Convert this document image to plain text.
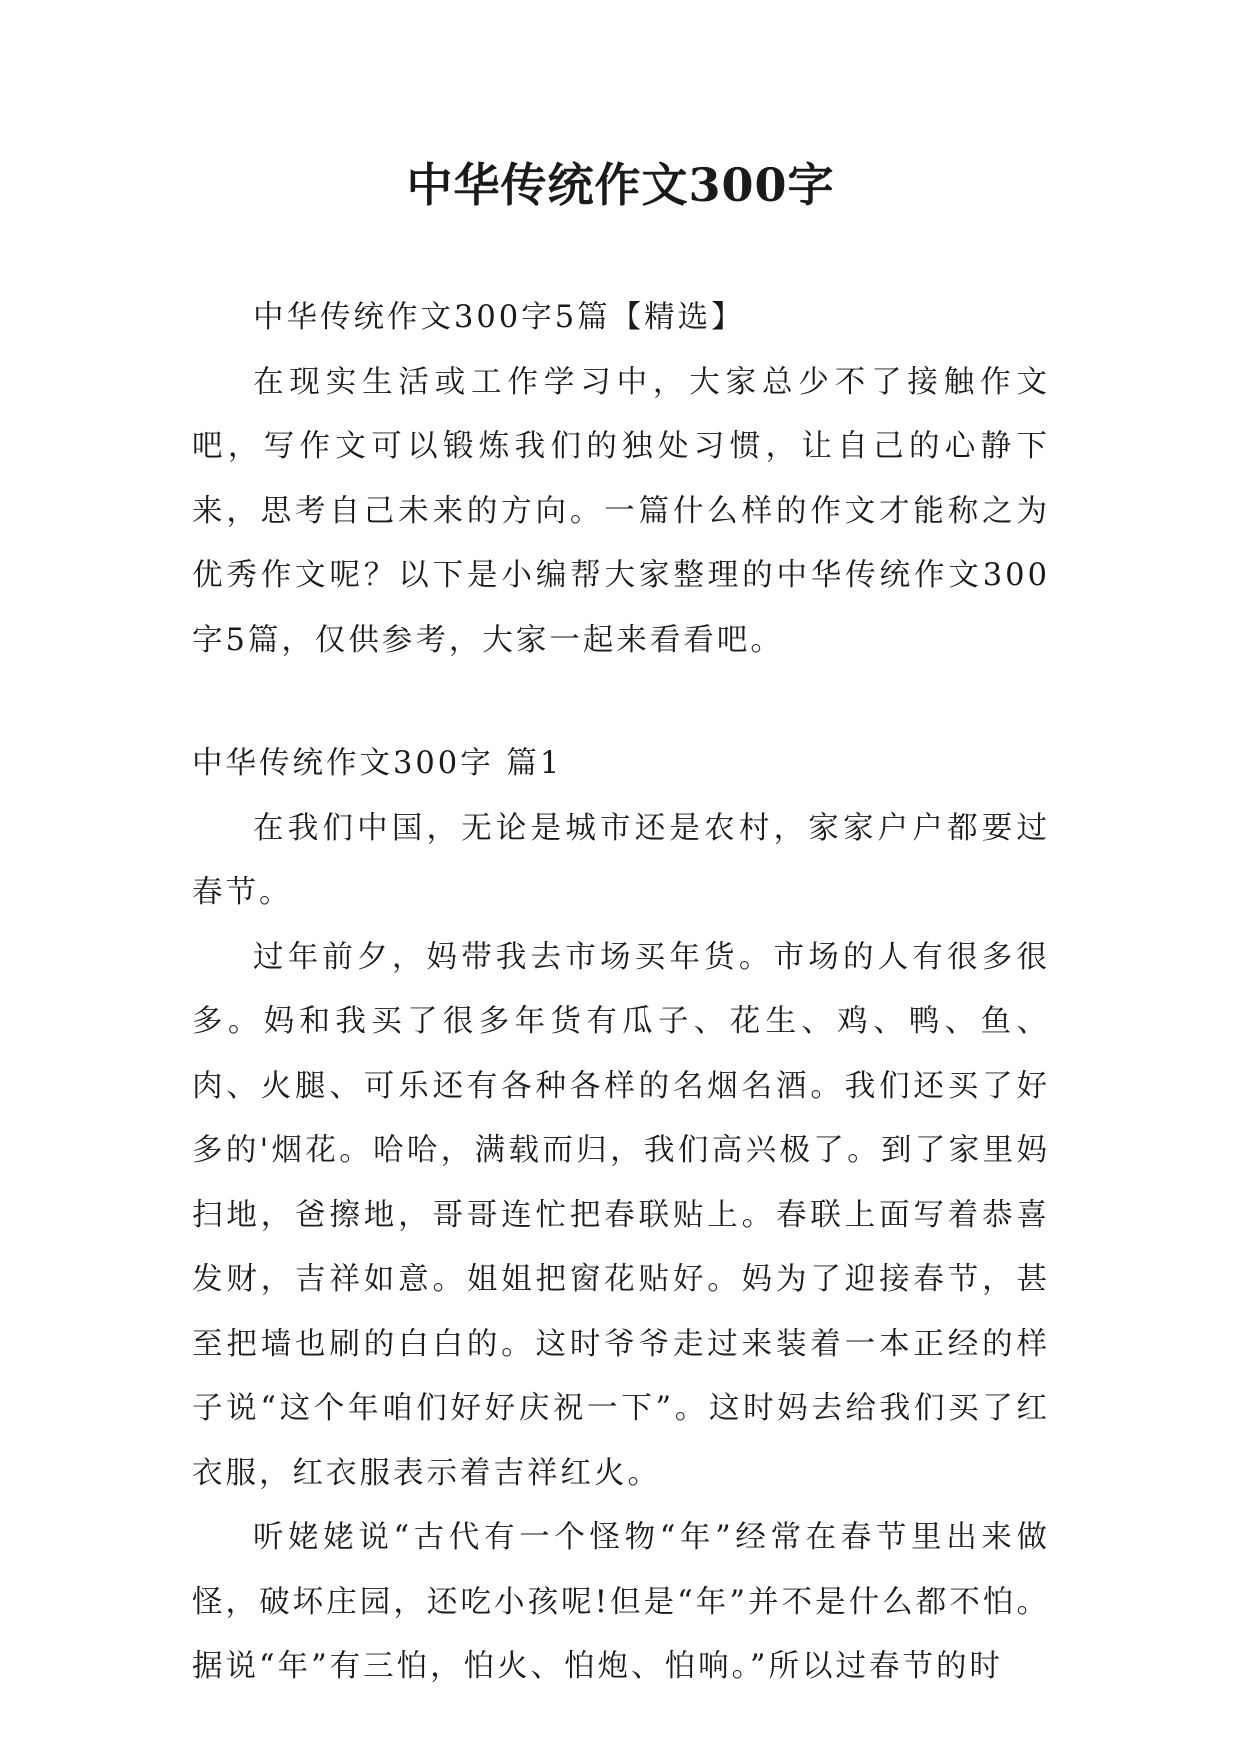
中华传统作文300字

中华传统作文300字5篇【精选】

在现实生活或工作学习中，大家总少不了接触作文吧，写作文可以锻炼我们的独处习惯，让自己的心静下来，思考自己未来的方向。一篇什么样的作文才能称之为优秀作文呢？以下是小编帮大家整理的中华传统作文300字5篇，仅供参考，大家一起来看看吧。

中华传统作文300字 篇1

在我们中国，无论是城市还是农村，家家户户都要过春节。

过年前夕，妈带我去市场买年货。市场的人有很多很多。妈和我买了很多年货有瓜子、花生、鸡、鸭、鱼、肉、火腿、可乐还有各种各样的名烟名酒。我们还买了好多的'烟花。哈哈，满载而归，我们高兴极了。到了家里妈扫地，爸擦地，哥哥连忙把春联贴上。春联上面写着恭喜发财，吉祥如意。姐姐把窗花贴好。妈为了迎接春节，甚至把墙也刷的白白的。这时爷爷走过来装着一本正经的样子说“这个年咱们好好庆祝一下”。这时妈去给我们买了红衣服，红衣服表示着吉祥红火。

听姥姥说“古代有一个怪物“年”经常在春节里出来做怪，破坏庄园，还吃小孩呢!但是“年”并不是什么都不怕。据说“年”有三怕，怕火、怕炮、怕响。”所以过春节的时
